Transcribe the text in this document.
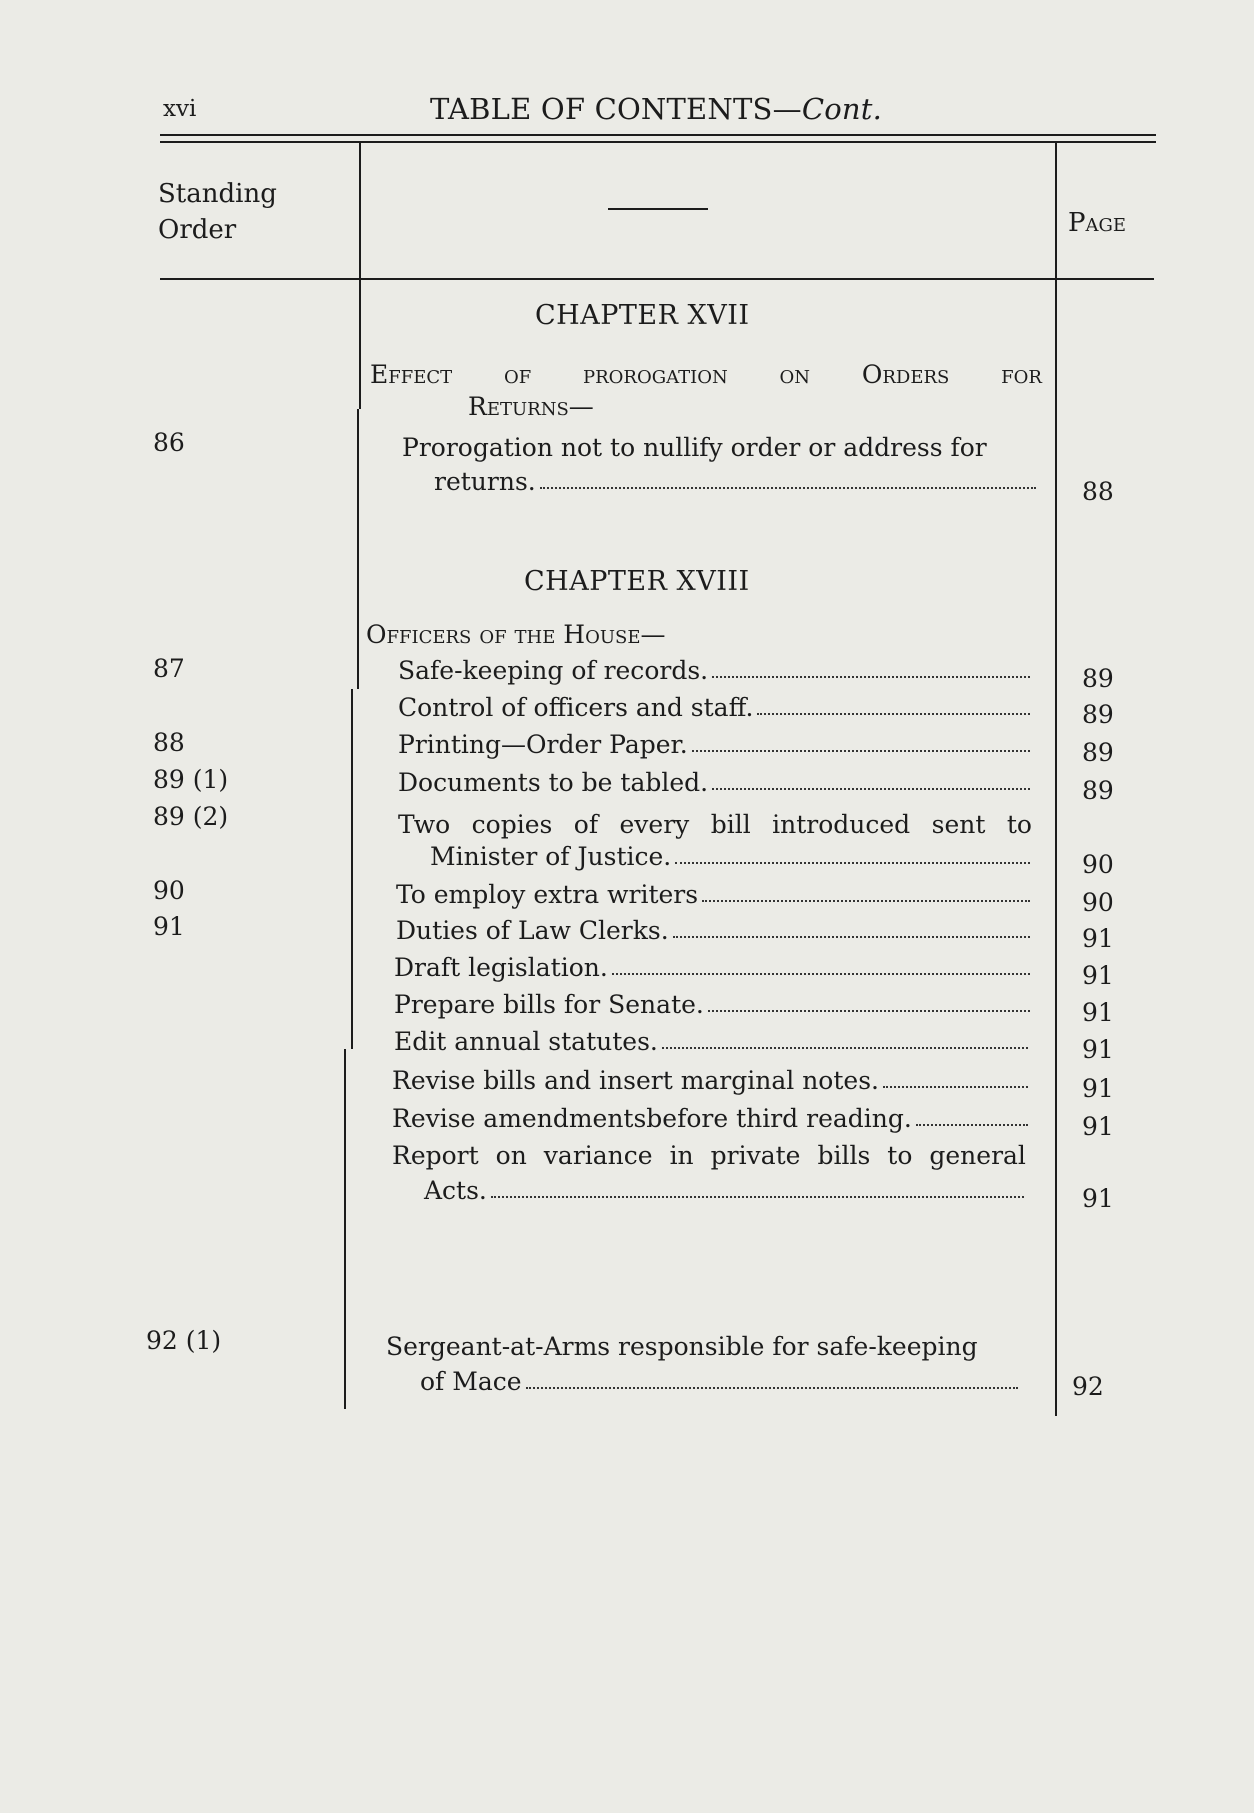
xvi	TABLE OF CONTENTS—Cont.
Standing
Order	Page
CHAPTER XVII
Effect of prorogation on Orders for
Returns—
86	Prorogation not to nullify order or address for
returns.	88
CHAPTER XVIII
Officers of the House—
87	Safe-keeping of records.	89
Control of officers and staff.	89
88	Printing—Order Paper.	89
89 (1)	Documents to be tabled.	89
89 (2)	Two copies of every bill introduced sent to
Minister of Justice.	90
90	To employ extra writers	90
91	Duties of Law Clerks.	91
Draft legislation.	91
Prepare bills for Senate.	91
Edit annual statutes.	91
Revise bills and insert marginal notes.	91
Revise amendmentsbefore third reading.	91
Report on variance in private bills to general
Acts.	91
92 (1)	Sergeant-at-Arms responsible for safe-keeping
of Mace	92
